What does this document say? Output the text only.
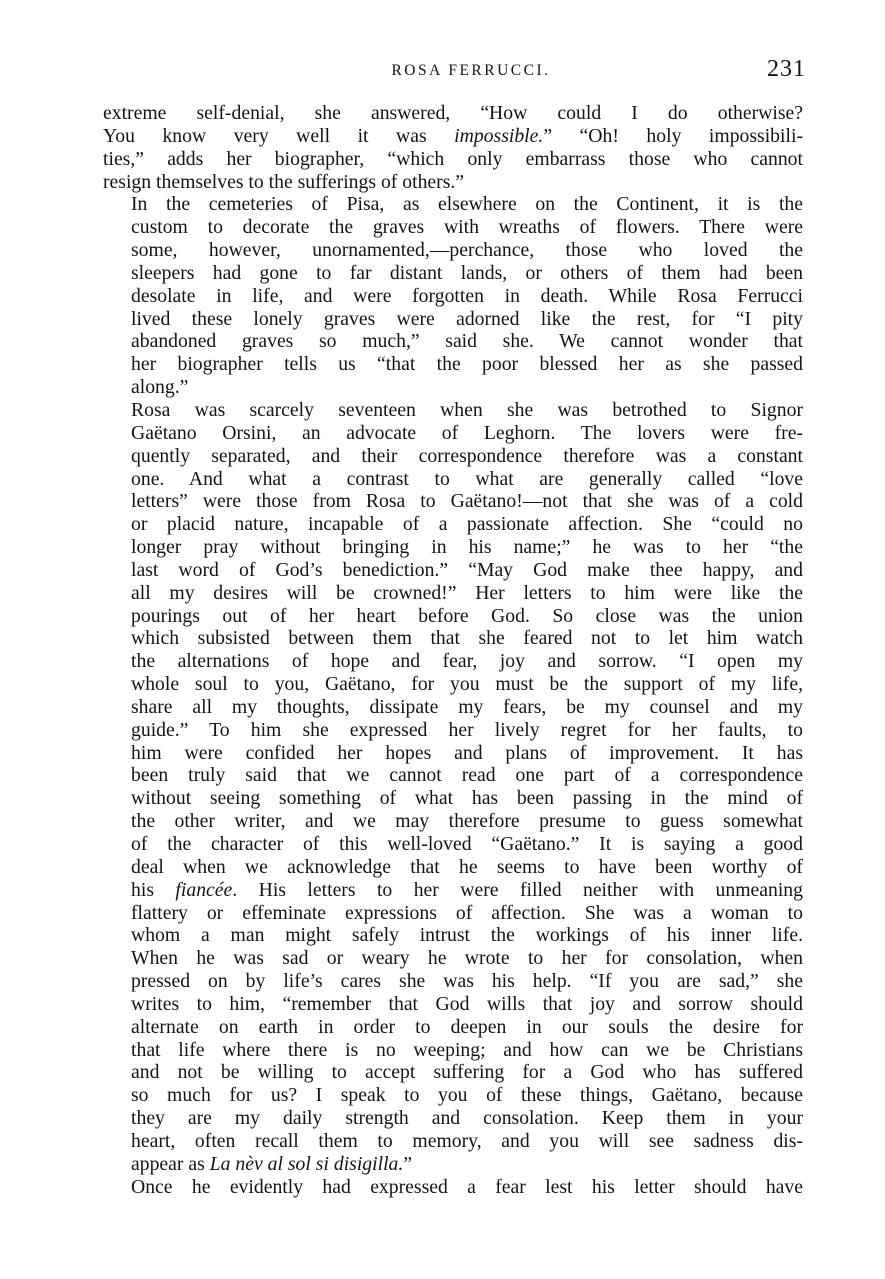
ROSA FERRUCCI.	231

extreme self-denial, she answered, “How could I do otherwise?
You know very well it was impossible.” “Oh! holy impossibili-
ties,” adds her biographer, “which only embarrass those who cannot
resign themselves to the sufferings of others.”

In the cemeteries of Pisa, as elsewhere on the Continent, it is the
custom to decorate the graves with wreaths of flowers. There were
some, however, unornamented,—perchance, those who loved the
sleepers had gone to far distant lands, or others of them had been
desolate in life, and were forgotten in death. While Rosa Ferrucci
lived these lonely graves were adorned like the rest, for “I pity
abandoned graves so much,” said she. We cannot wonder that
her biographer tells us “that the poor blessed her as she passed
along.”

Rosa was scarcely seventeen when she was betrothed to Signor
Gaëtano Orsini, an advocate of Leghorn. The lovers were fre-
quently separated, and their correspondence therefore was a constant
one. And what a contrast to what are generally called “love
letters” were those from Rosa to Gaëtano!—not that she was of a cold
or placid nature, incapable of a passionate affection. She “could no
longer pray without bringing in his name;” he was to her “the
last word of God’s benediction.” “May God make thee happy, and
all my desires will be crowned!” Her letters to him were like the
pourings out of her heart before God. So close was the union
which subsisted between them that she feared not to let him watch
the alternations of hope and fear, joy and sorrow. “I open my
whole soul to you, Gaëtano, for you must be the support of my life,
share all my thoughts, dissipate my fears, be my counsel and my
guide.” To him she expressed her lively regret for her faults, to
him were confided her hopes and plans of improvement. It has
been truly said that we cannot read one part of a correspondence
without seeing something of what has been passing in the mind of
the other writer, and we may therefore presume to guess somewhat
of the character of this well-loved “Gaëtano.” It is saying a good
deal when we acknowledge that he seems to have been worthy of
his fiancée. His letters to her were filled neither with unmeaning
flattery or effeminate expressions of affection. She was a woman to
whom a man might safely intrust the workings of his inner life.
When he was sad or weary he wrote to her for consolation, when
pressed on by life’s cares she was his help. “If you are sad,” she
writes to him, “remember that God wills that joy and sorrow should
alternate on earth in order to deepen in our souls the desire for
that life where there is no weeping; and how can we be Christians
and not be willing to accept suffering for a God who has suffered
so much for us? I speak to you of these things, Gaëtano, because
they are my daily strength and consolation. Keep them in your
heart, often recall them to memory, and you will see sadness dis-
appear as La nèv al sol si disigilla.”

Once he evidently had expressed a fear lest his letter should have
